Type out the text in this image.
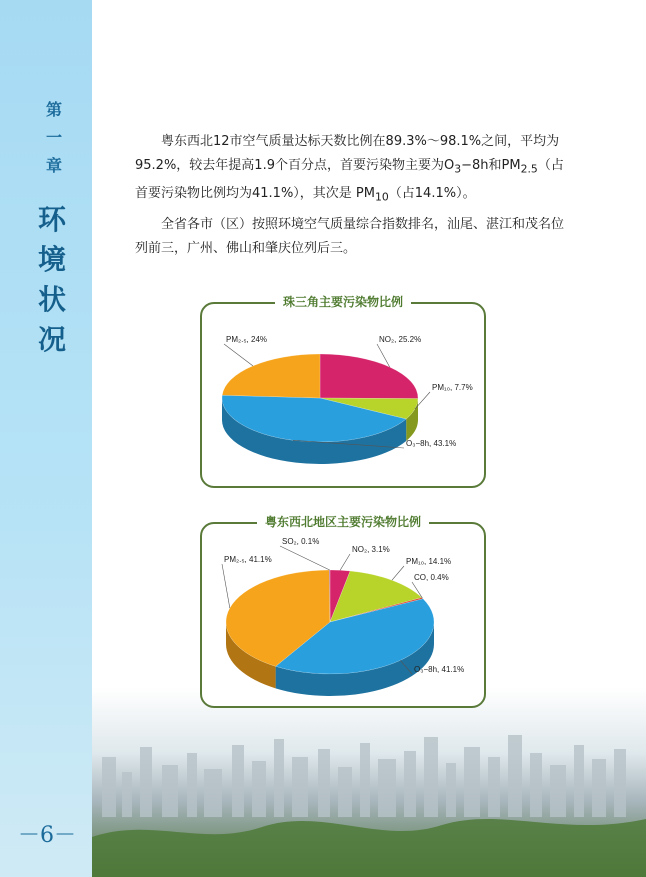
第
一
章
环
境
状
况
－6－

粤东西北12市空气质量达标天数比例在89.3%～98.1%之间，平均为95.2%，较去年提高1.9个百分点，首要污染物主要为$O_3-8h$和$PM_{2.5}$（占首要污染物比例均为41.1%），其次是 $PM_{10}$（占14.1%）。

全省各市（区）按照环境空气质量综合指数排名，汕尾、湛江和茂名位列前三，广州、佛山和肇庆位列后三。

珠三角主要污染物比例
NO₂, 25.2%
PM₁₀, 7.7%
O₃−8h, 43.1%
PM₂.₅, 24%
粤东西北地区主要污染物比例
NO₂, 3.1%
PM₁₀, 14.1%
CO, 0.4%
O₃−8h, 41.1%
PM₂.₅, 41.1%
SO₂, 0.1%
